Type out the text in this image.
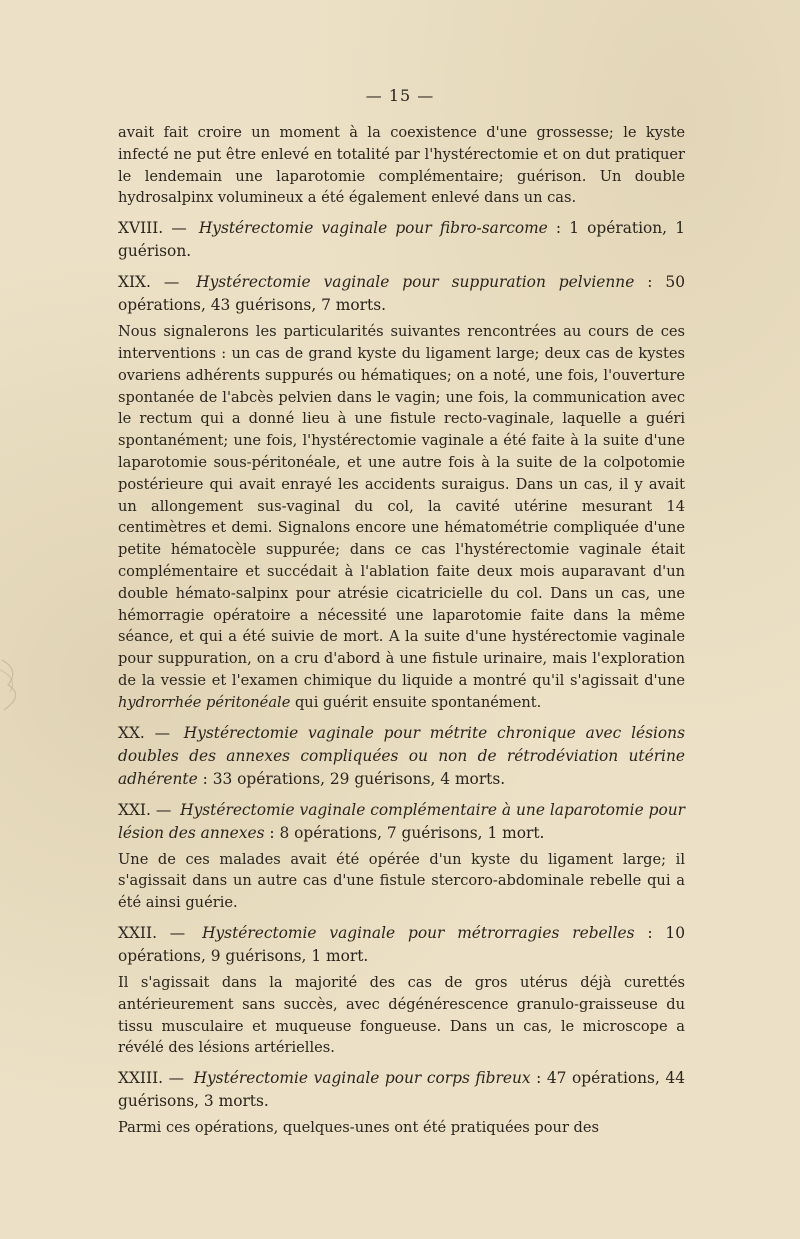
— 15 —

avait fait croire un moment à la coexistence d'une grossesse; le kyste infecté ne put être enlevé en totalité par l'hystérectomie et on dut pratiquer le lendemain une laparotomie complémentaire; guérison. Un double hydrosalpinx volumineux a été également enlevé dans un cas.

XVIII. — Hystérectomie vaginale pour fibro-sarcome : 1 opération, 1 guérison.

XIX. — Hystérectomie vaginale pour suppuration pelvienne : 50 opérations, 43 guérisons, 7 morts.

Nous signalerons les particularités suivantes rencontrées au cours de ces interventions : un cas de grand kyste du ligament large; deux cas de kystes ovariens adhérents suppurés ou hématiques; on a noté, une fois, l'ouverture spontanée de l'abcès pelvien dans le vagin; une fois, la communication avec le rectum qui a donné lieu à une fistule recto-vaginale, laquelle a guéri spontanément; une fois, l'hystérectomie vaginale a été faite à la suite d'une laparotomie sous-péritonéale, et une autre fois à la suite de la colpotomie postérieure qui avait enrayé les accidents suraigus. Dans un cas, il y avait un allongement sus-vaginal du col, la cavité utérine mesurant 14 centimètres et demi. Signalons encore une hématométrie compliquée d'une petite hématocèle suppurée; dans ce cas l'hystérectomie vaginale était complémentaire et succédait à l'ablation faite deux mois auparavant d'un double hémato-salpinx pour atrésie cicatricielle du col. Dans un cas, une hémorragie opératoire a nécessité une laparotomie faite dans la même séance, et qui a été suivie de mort. A la suite d'une hystérectomie vaginale pour suppuration, on a cru d'abord à une fistule urinaire, mais l'exploration de la vessie et l'examen chimique du liquide a montré qu'il s'agissait d'une hydrorrhée péritonéale qui guérit ensuite spontanément.

XX. — Hystérectomie vaginale pour métrite chronique avec lésions doubles des annexes compliquées ou non de rétrodéviation utérine adhérente : 33 opérations, 29 guérisons, 4 morts.

XXI. — Hystérectomie vaginale complémentaire à une laparotomie pour lésion des annexes : 8 opérations, 7 guérisons, 1 mort.

Une de ces malades avait été opérée d'un kyste du ligament large; il s'agissait dans un autre cas d'une fistule stercoro-abdominale rebelle qui a été ainsi guérie.

XXII. — Hystérectomie vaginale pour métrorragies rebelles : 10 opérations, 9 guérisons, 1 mort.

Il s'agissait dans la majorité des cas de gros utérus déjà curettés antérieurement sans succès, avec dégénérescence granulo-graisseuse du tissu musculaire et muqueuse fongueuse. Dans un cas, le microscope a révélé des lésions artérielles.

XXIII. — Hystérectomie vaginale pour corps fibreux : 47 opérations, 44 guérisons, 3 morts.

Parmi ces opérations, quelques-unes ont été pratiquées pour des
